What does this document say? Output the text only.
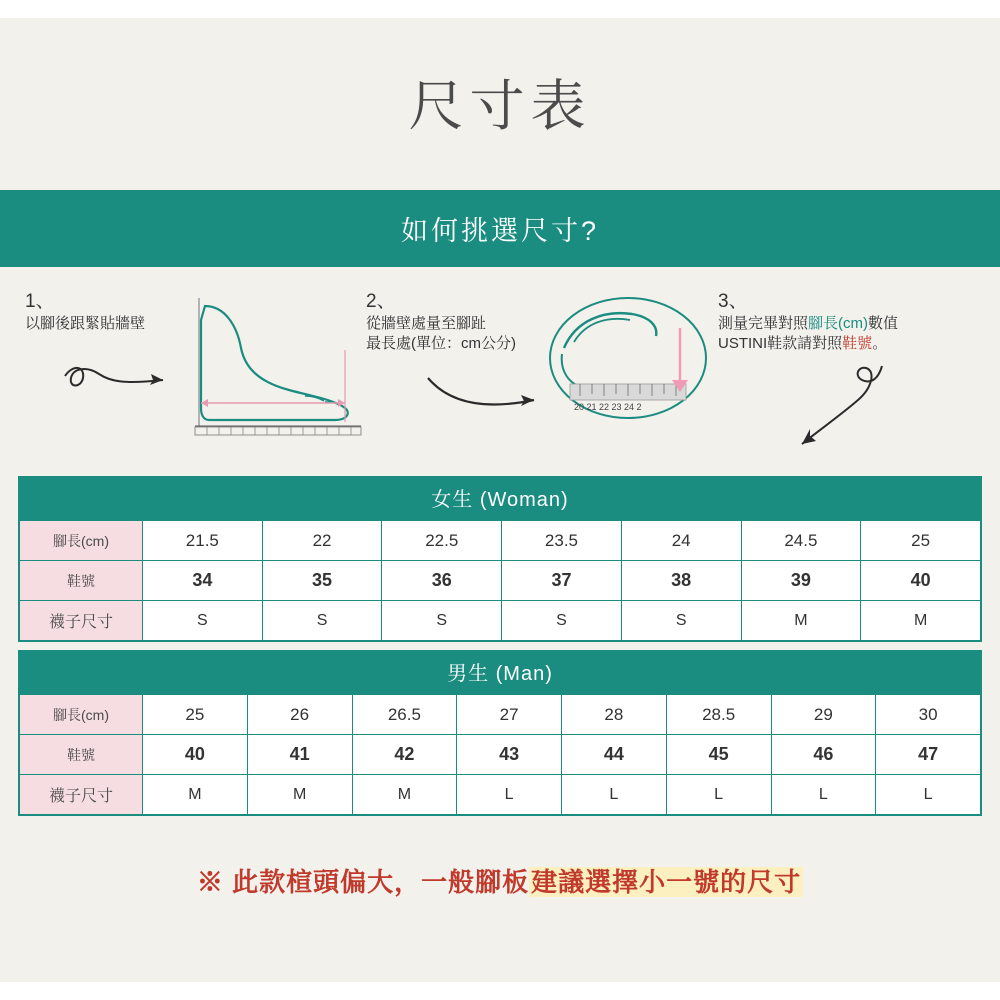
尺寸表
如何挑選尺寸?
1、
以腳後跟緊貼牆壁
2、
從牆壁處量至腳趾
最長處(單位：cm公分)
20 21 22 23 24 2
3、
測量完畢對照腳長(cm)數值
USTINI鞋款請對照鞋號。
女生 (Woman)
腳長(cm)	21.5	22	22.5	23.5	24	24.5	25
鞋號	34	35	36	37	38	39	40
襪子尺寸	S	S	S	S	S	M	M
男生 (Man)
腳長(cm)	25	26	26.5	27	28	28.5	29	30
鞋號	40	41	42	43	44	45	46	47
襪子尺寸	M	M	M	L	L	L	L	L
※ 此款楦頭偏大，一般腳板建議選擇小一號的尺寸
